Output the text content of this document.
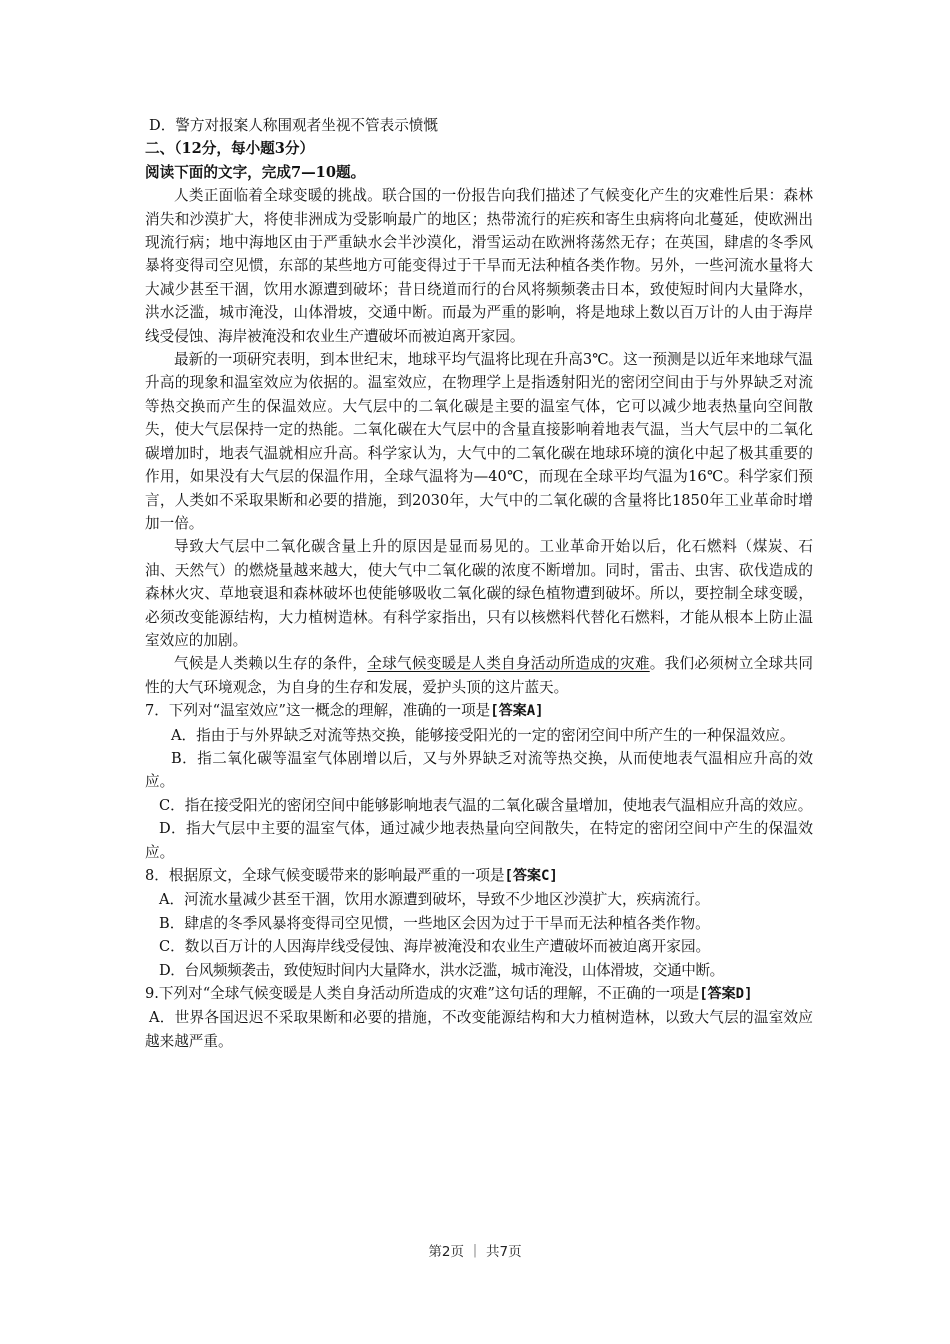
D．警方对报案人称围观者坐视不管表示愤慨
二、（12分，每小题3分）
阅读下面的文字，完成7—10题。
人类正面临着全球变暖的挑战。联合国的一份报告向我们描述了气候变化产生的灾难性后果：森林消失和沙漠扩大，将使非洲成为受影响最广的地区；热带流行的疟疾和寄生虫病将向北蔓延，使欧洲出现流行病；地中海地区由于严重缺水会半沙漠化，滑雪运动在欧洲将荡然无存；在英国，肆虐的冬季风暴将变得司空见惯，东部的某些地方可能变得过于干旱而无法种植各类作物。另外，一些河流水量将大大减少甚至干涸，饮用水源遭到破坏；昔日绕道而行的台风将频频袭击日本，致使短时间内大量降水，洪水泛滥，城市淹没，山体滑坡，交通中断。而最为严重的影响，将是地球上数以百万计的人由于海岸线受侵蚀、海岸被淹没和农业生产遭破坏而被迫离开家园。
最新的一项研究表明，到本世纪末，地球平均气温将比现在升高3℃。这一预测是以近年来地球气温升高的现象和温室效应为依据的。温室效应，在物理学上是指透射阳光的密闭空间由于与外界缺乏对流等热交换而产生的保温效应。大气层中的二氧化碳是主要的温室气体，它可以减少地表热量向空间散失，使大气层保持一定的热能。二氧化碳在大气层中的含量直接影响着地表气温，当大气层中的二氧化碳增加时，地表气温就相应升高。科学家认为，大气中的二氧化碳在地球环境的演化中起了极其重要的作用，如果没有大气层的保温作用，全球气温将为—40℃，而现在全球平均气温为16℃。科学家们预言，人类如不采取果断和必要的措施，到2030年，大气中的二氧化碳的含量将比1850年工业革命时增加一倍。
导致大气层中二氧化碳含量上升的原因是显而易见的。工业革命开始以后，化石燃料（煤炭、石油、天然气）的燃烧量越来越大，使大气中二氧化碳的浓度不断增加。同时，雷击、虫害、砍伐造成的森林火灾、草地衰退和森林破坏也使能够吸收二氧化碳的绿色植物遭到破坏。所以，要控制全球变暖，必须改变能源结构，大力植树造林。有科学家指出，只有以核燃料代替化石燃料，才能从根本上防止温室效应的加剧。
气候是人类赖以生存的条件，全球气候变暖是人类自身活动所造成的灾难。我们必须树立全球共同性的大气环境观念，为自身的生存和发展，爱护头顶的这片蓝天。
7．下列对“温室效应”这一概念的理解，准确的一项是[答案A]
A．指由于与外界缺乏对流等热交换，能够接受阳光的一定的密闭空间中所产生的一种保温效应。
B．指二氧化碳等温室气体剧增以后，又与外界缺乏对流等热交换，从而使地表气温相应升高的效应。
C．指在接受阳光的密闭空间中能够影响地表气温的二氧化碳含量增加，使地表气温相应升高的效应。
D．指大气层中主要的温室气体，通过减少地表热量向空间散失，在特定的密闭空间中产生的保温效应。
8．根据原文，全球气候变暖带来的影响最严重的一项是[答案C]
A．河流水量减少甚至干涸，饮用水源遭到破坏，导致不少地区沙漠扩大，疾病流行。
B．肆虐的冬季风暴将变得司空见惯，一些地区会因为过于干旱而无法种植各类作物。
C．数以百万计的人因海岸线受侵蚀、海岸被淹没和农业生产遭破坏而被迫离开家园。
D．台风频频袭击，致使短时间内大量降水，洪水泛滥，城市淹没，山体滑坡，交通中断。
9.下列对“全球气候变暖是人类自身活动所造成的灾难”这句话的理解，不正确的一项是[答案D]
A．世界各国迟迟不采取果断和必要的措施，不改变能源结构和大力植树造林，以致大气层的温室效应越来越严重。
第2页 ｜ 共7页
